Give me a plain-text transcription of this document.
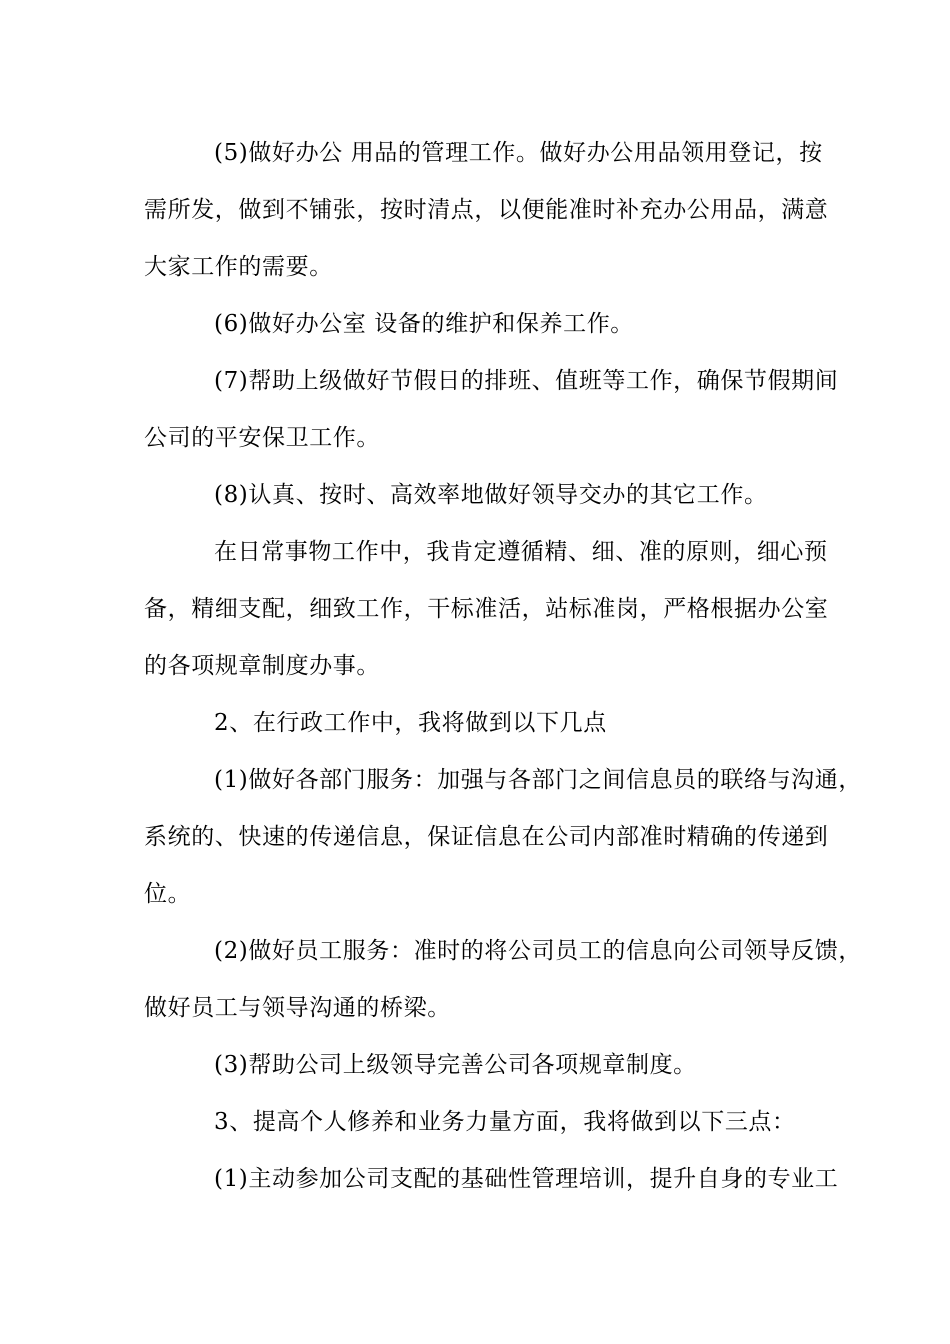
(5)做好办公 用品的管理工作。做好办公用品领用登记，按

需所发，做到不铺张，按时清点，以便能准时补充办公用品，满意

大家工作的需要。

(6)做好办公室 设备的维护和保养工作。

(7)帮助上级做好节假日的排班、值班等工作，确保节假期间

公司的平安保卫工作。

(8)认真、按时、高效率地做好领导交办的其它工作。

在日常事物工作中，我肯定遵循精、细、准的原则，细心预

备，精细支配，细致工作，干标准活，站标准岗，严格根据办公室

的各项规章制度办事。

2、在行政工作中，我将做到以下几点

(1)做好各部门服务：加强与各部门之间信息员的联络与沟通，

系统的、快速的传递信息，保证信息在公司内部准时精确的传递到

位。

(2)做好员工服务：准时的将公司员工的信息向公司领导反馈，

做好员工与领导沟通的桥梁。

(3)帮助公司上级领导完善公司各项规章制度。

3、提高个人修养和业务力量方面，我将做到以下三点：

(1)主动参加公司支配的基础性管理培训，提升自身的专业工
